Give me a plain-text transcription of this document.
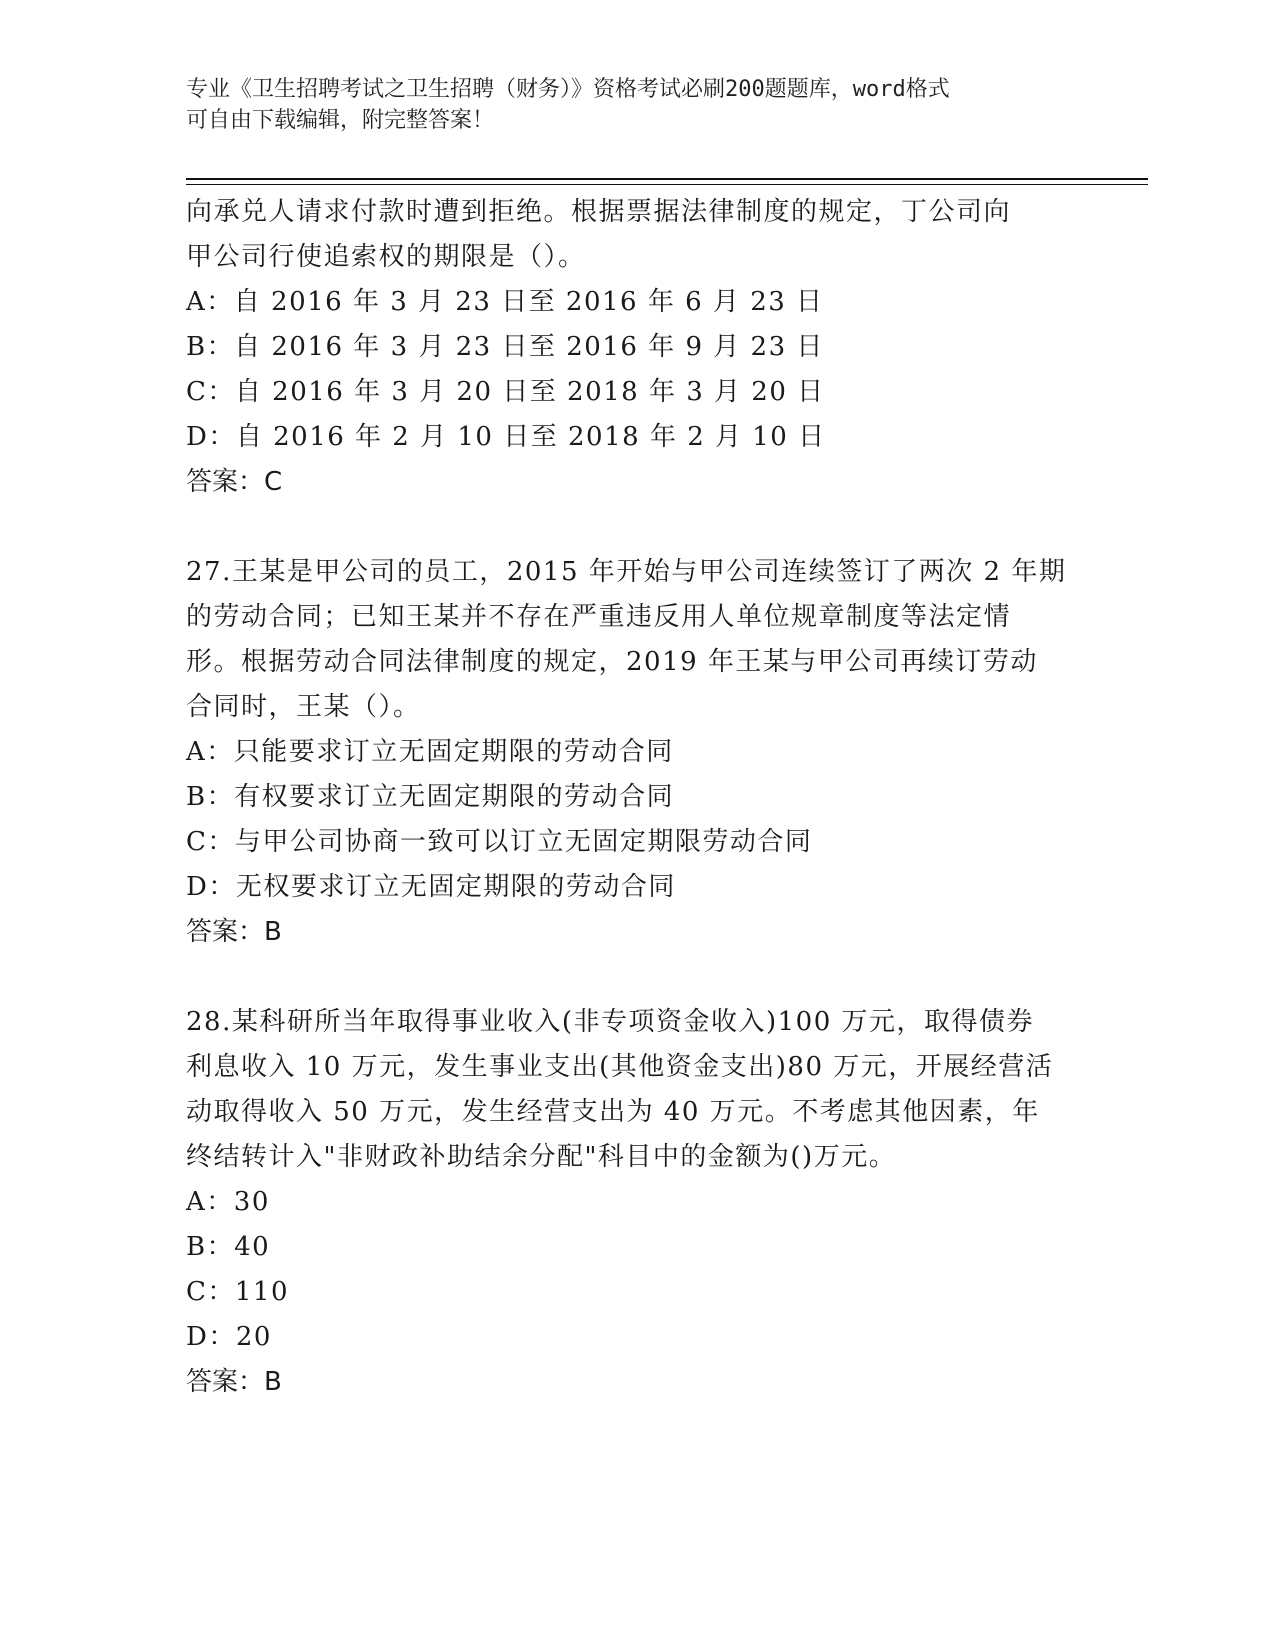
专业《卫生招聘考试之卫生招聘（财务）》资格考试必刷200题题库，word格式
可自由下载编辑，附完整答案！
向承兑人请求付款时遭到拒绝。根据票据法律制度的规定，丁公司向
甲公司行使追索权的期限是（）。
A：自 2016 年 3 月 23 日至 2016 年 6 月 23 日
B：自 2016 年 3 月 23 日至 2016 年 9 月 23 日
C：自 2016 年 3 月 20 日至 2018 年 3 月 20 日
D：自 2016 年 2 月 10 日至 2018 年 2 月 10 日
答案：C
27.王某是甲公司的员工，2015 年开始与甲公司连续签订了两次 2 年期
的劳动合同；已知王某并不存在严重违反用人单位规章制度等法定情
形。根据劳动合同法律制度的规定，2019 年王某与甲公司再续订劳动
合同时，王某（）。
A：只能要求订立无固定期限的劳动合同
B：有权要求订立无固定期限的劳动合同
C：与甲公司协商一致可以订立无固定期限劳动合同
D：无权要求订立无固定期限的劳动合同
答案：B
28.某科研所当年取得事业收入(非专项资金收入)100 万元，取得债券
利息收入 10 万元，发生事业支出(其他资金支出)80 万元，开展经营活
动取得收入 50 万元，发生经营支出为 40 万元。不考虑其他因素，年
终结转计入"非财政补助结余分配"科目中的金额为()万元。
A：30
B：40
C：110
D：20
答案：B
